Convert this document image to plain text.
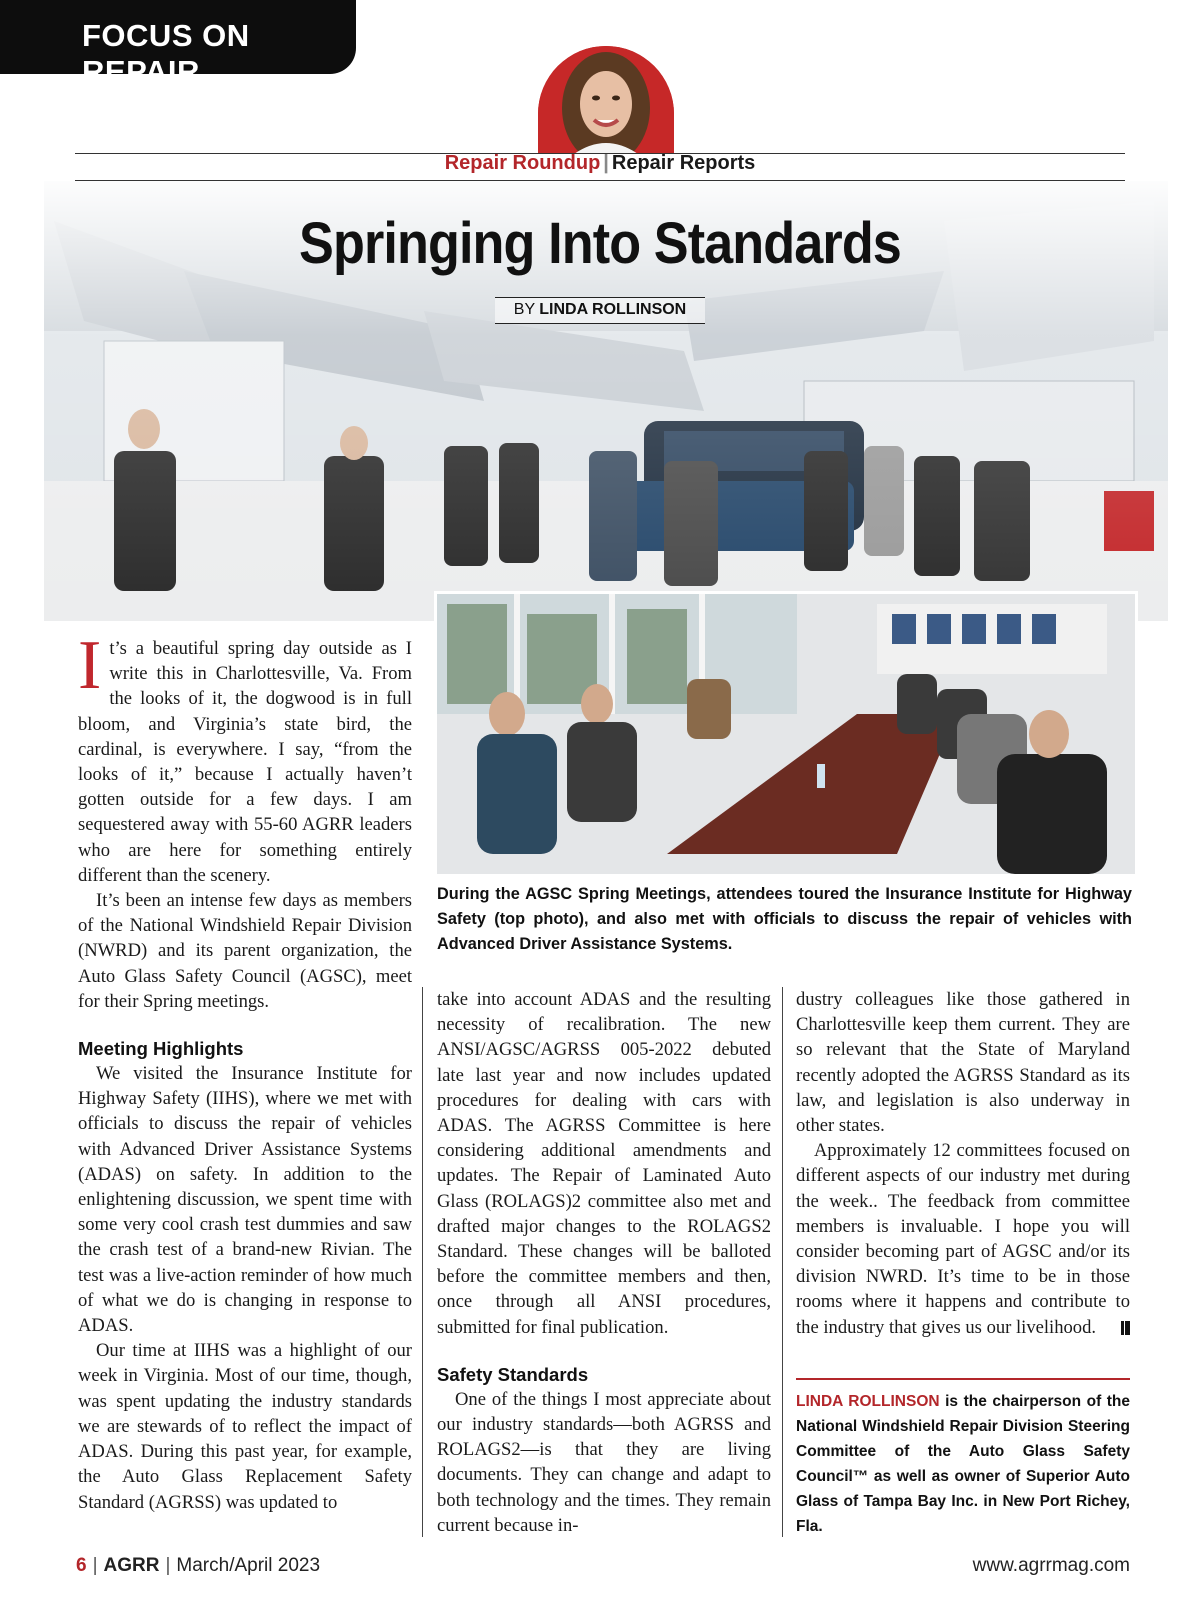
FOCUS ON REPAIR
Repair Roundup | Repair Reports
Springing Into Standards
BY LINDA ROLLINSON
During the AGSC Spring Meetings, attendees toured the Insurance Institute for Highway Safety (top photo), and also met with officials to discuss the repair of vehicles with Advanced Driver Assistance Systems.

It’s a beautiful spring day outside as I write this in Charlottesville, Va. From the looks of it, the dogwood is in full bloom, and Virginia’s state bird, the cardinal, is everywhere. I say, “from the looks of it,” because I actually haven’t gotten outside for a few days. I am sequestered away with 55-60 AGRR leaders who are here for something entirely different than the scenery.

It’s been an intense few days as members of the National Windshield Repair Division (NWRD) and its parent organization, the Auto Glass Safety Council (AGSC), meet for their Spring meetings.

Meeting Highlights

We visited the Insurance Institute for Highway Safety (IIHS), where we met with officials to discuss the repair of vehicles with Advanced Driver Assistance Systems (ADAS) on safety. In addition to the enlightening discussion, we spent time with some very cool crash test dummies and saw the crash test of a brand-new Rivian. The test was a live-action reminder of how much of what we do is changing in response to ADAS.

Our time at IIHS was a highlight of our week in Virginia. Most of our time, though, was spent updating the industry standards we are stewards of to reflect the impact of ADAS. During this past year, for example, the Auto Glass Replacement Safety Standard (AGRSS) was updated to

take into account ADAS and the resulting necessity of recalibration. The new ANSI/AGSC/AGRSS 005-2022 debuted late last year and now includes updated procedures for dealing with cars with ADAS. The AGRSS Committee is here considering additional amendments and updates. The Repair of Laminated Auto Glass (ROLAGS)2 committee also met and drafted major changes to the ROLAGS2 Standard. These changes will be balloted before the committee members and then, once through all ANSI procedures, submitted for final publication.

Safety Standards

One of the things I most appreciate about our industry standards—both AGRSS and ROLAGS2—is that they are living documents. They can change and adapt to both technology and the times. They remain current because in-

dustry colleagues like those gathered in Charlottesville keep them current. They are so relevant that the State of Maryland recently adopted the AGRSS Standard as its law, and legislation is also underway in other states.

Approximately 12 committees focused on different aspects of our industry met during the week.. The feedback from committee members is invaluable. I hope you will consider becoming part of AGSC and/or its division NWRD. It’s time to be in those rooms where it happens and contribute to the industry that gives us our livelihood.

LINDA ROLLINSON is the chairperson of the National Windshield Repair Division Steering Committee of the Auto Glass Safety Council™ as well as owner of Superior Auto Glass of Tampa Bay Inc. in New Port Richey, Fla.
6 | AGRR | March/April 2023	www.agrrmag.com
